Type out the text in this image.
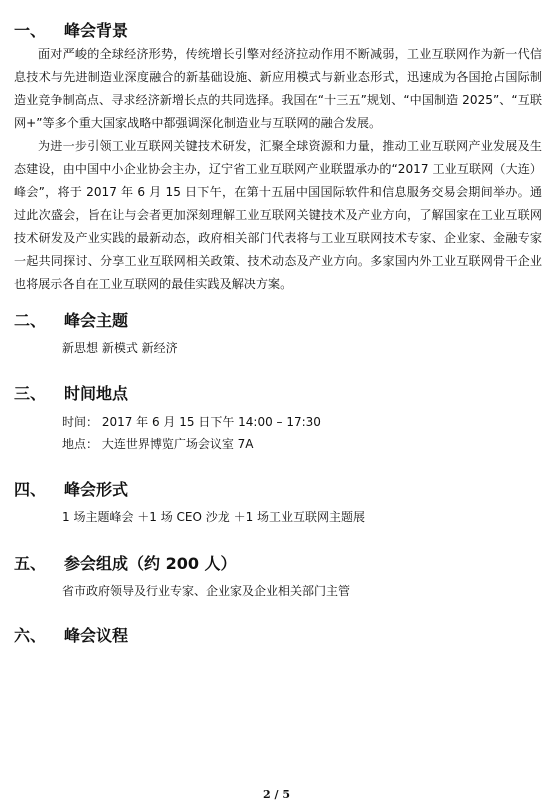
一、 峰会背景

面对严峻的全球经济形势，传统增长引擎对经济拉动作用不断减弱，工业互联网作为新一代信息技术与先进制造业深度融合的新基础设施、新应用模式与新业态形式，迅速成为各国抢占国际制造业竞争制高点、寻求经济新增长点的共同选择。我国在“十三五”规划、“中国制造 2025”、“互联网+”等多个重大国家战略中都强调深化制造业与互联网的融合发展。

为进一步引领工业互联网关键技术研发，汇聚全球资源和力量，推动工业互联网产业发展及生态建设，由中国中小企业协会主办，辽宁省工业互联网产业联盟承办的“2017 工业互联网（大连）峰会”，将于 2017 年 6 月 15 日下午，在第十五届中国国际软件和信息服务交易会期间举办。通过此次盛会，旨在让与会者更加深刻理解工业互联网关键技术及产业方向，了解国家在工业互联网技术研发及产业实践的最新动态，政府相关部门代表将与工业互联网技术专家、企业家、金融专家一起共同探讨、分享工业互联网相关政策、技术动态及产业方向。多家国内外工业互联网骨干企业也将展示各自在工业互联网的最佳实践及解决方案。

二、 峰会主题

新思想 新模式 新经济

三、 时间地点

时间： 2017 年 6 月 15 日下午 14:00 – 17:30

地点： 大连世界博览广场会议室 7A

四、 峰会形式

1 场主题峰会 ＋1 场 CEO 沙龙 ＋1 场工业互联网主题展

五、 参会组成（约 200 人）

省市政府领导及行业专家、企业家及企业相关部门主管

六、 峰会议程
2 / 5
